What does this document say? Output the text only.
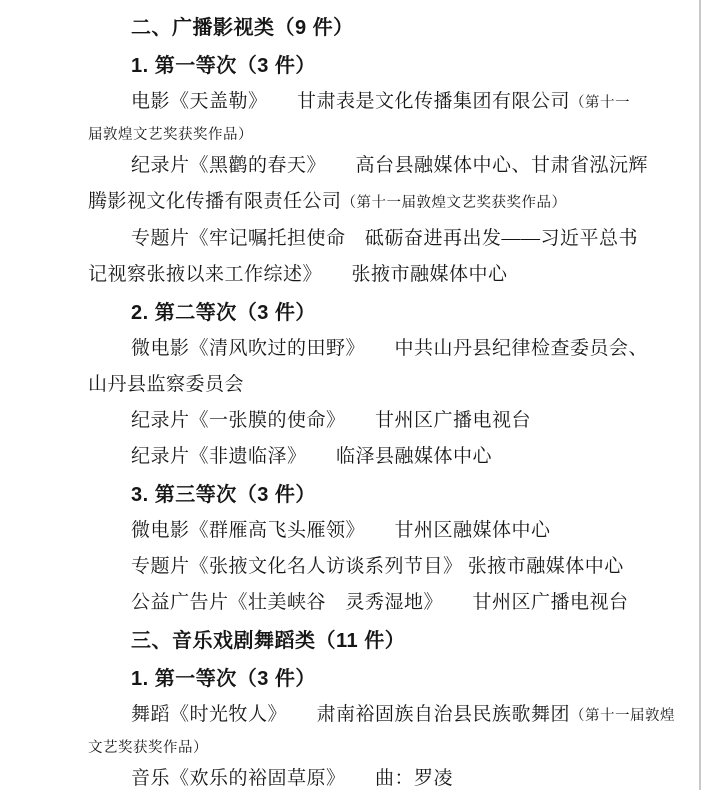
二、广播影视类（9 件）
1. 第一等次（3 件）
电影《天盖勒》　　甘肃表是文化传播集团有限公司（第十一
届敦煌文艺奖获奖作品）
纪录片《黑鹳的春天》　　高台县融媒体中心、甘肃省泓沅辉
腾影视文化传播有限责任公司（第十一届敦煌文艺奖获奖作品）
专题片《牢记嘱托担使命　砥砺奋进再出发——习近平总书
记视察张掖以来工作综述》　　张掖市融媒体中心
2. 第二等次（3 件）
微电影《清风吹过的田野》　　中共山丹县纪律检查委员会、
山丹县监察委员会
纪录片《一张膜的使命》　　甘州区广播电视台
纪录片《非遗临泽》　　临泽县融媒体中心
3. 第三等次（3 件）
微电影《群雁高飞头雁领》　　甘州区融媒体中心
专题片《张掖文化名人访谈系列节目》 张掖市融媒体中心
公益广告片《壮美峡谷　灵秀湿地》　　甘州区广播电视台
三、音乐戏剧舞蹈类（11 件）
1. 第一等次（3 件）
舞蹈《时光牧人》　　肃南裕固族自治县民族歌舞团（第十一届敦煌
文艺奖获奖作品）
音乐《欢乐的裕固草原》　　曲：罗凌
